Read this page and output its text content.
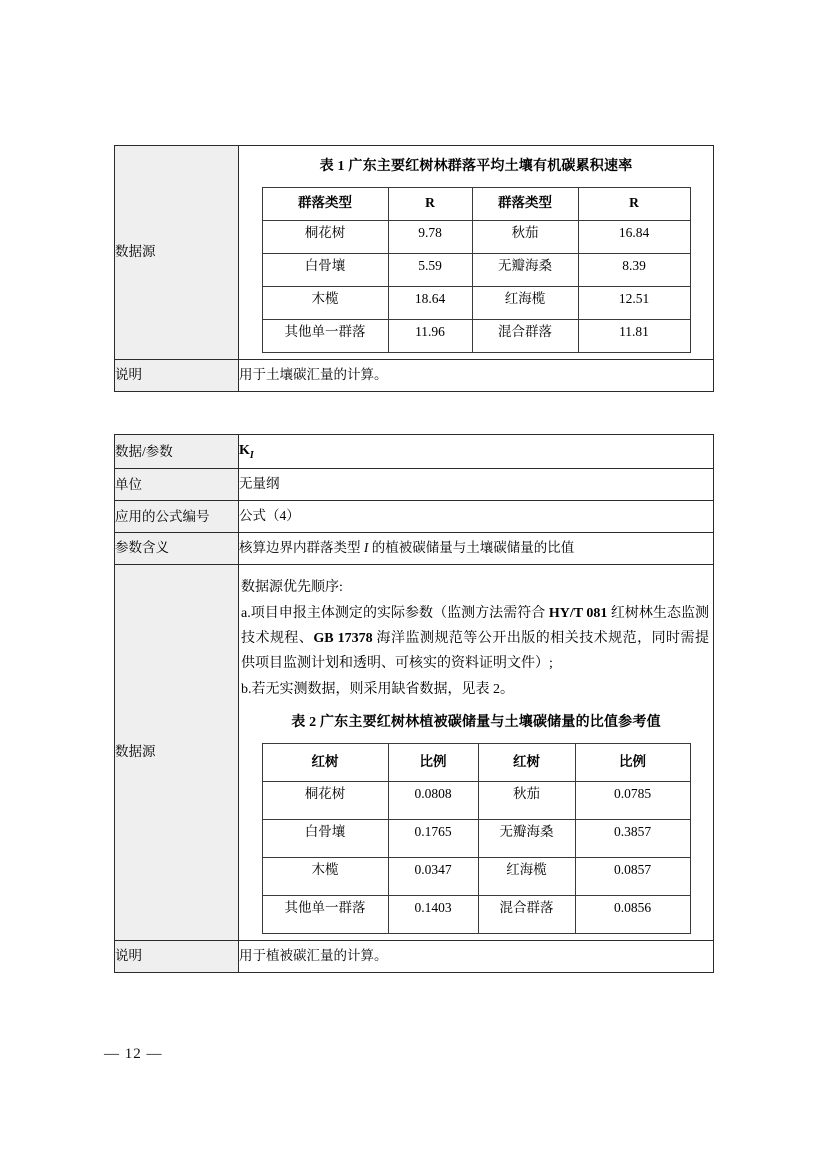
数据源	
表 1 广东主要红树林群落平均土壤有机碳累积速率
群落类型	R	群落类型	R
桐花树	9.78	秋茄	16.84
白骨壤	5.59	无瓣海桑	8.39
木榄	18.64	红海榄	12.51
其他单一群落	11.96	混合群落	11.81

说明	用于土壤碳汇量的计算。
数据/参数	$K_I$
单位	无量纲
应用的公式编号	公式（4）
参数含义	核算边界内群落类型 I 的植被碳储量与土壤碳储量的比值
数据源	

数据源优先顺序:

a.项目申报主体测定的实际参数（监测方法需符合 HY/T 081 红树林生态监测技术规程、GB 17378 海洋监测规范等公开出版的相关技术规范，同时需提供项目监测计划和透明、可核实的资料证明文件）;

b.若无实测数据，则采用缺省数据，见表 2。

表 2 广东主要红树林植被碳储量与土壤碳储量的比值参考值
红树	比例	红树	比例
桐花树	0.0808	秋茄	0.0785
白骨壤	0.1765	无瓣海桑	0.3857
木榄	0.0347	红海榄	0.0857
其他单一群落	0.1403	混合群落	0.0856

说明	用于植被碳汇量的计算。
— 12 —
